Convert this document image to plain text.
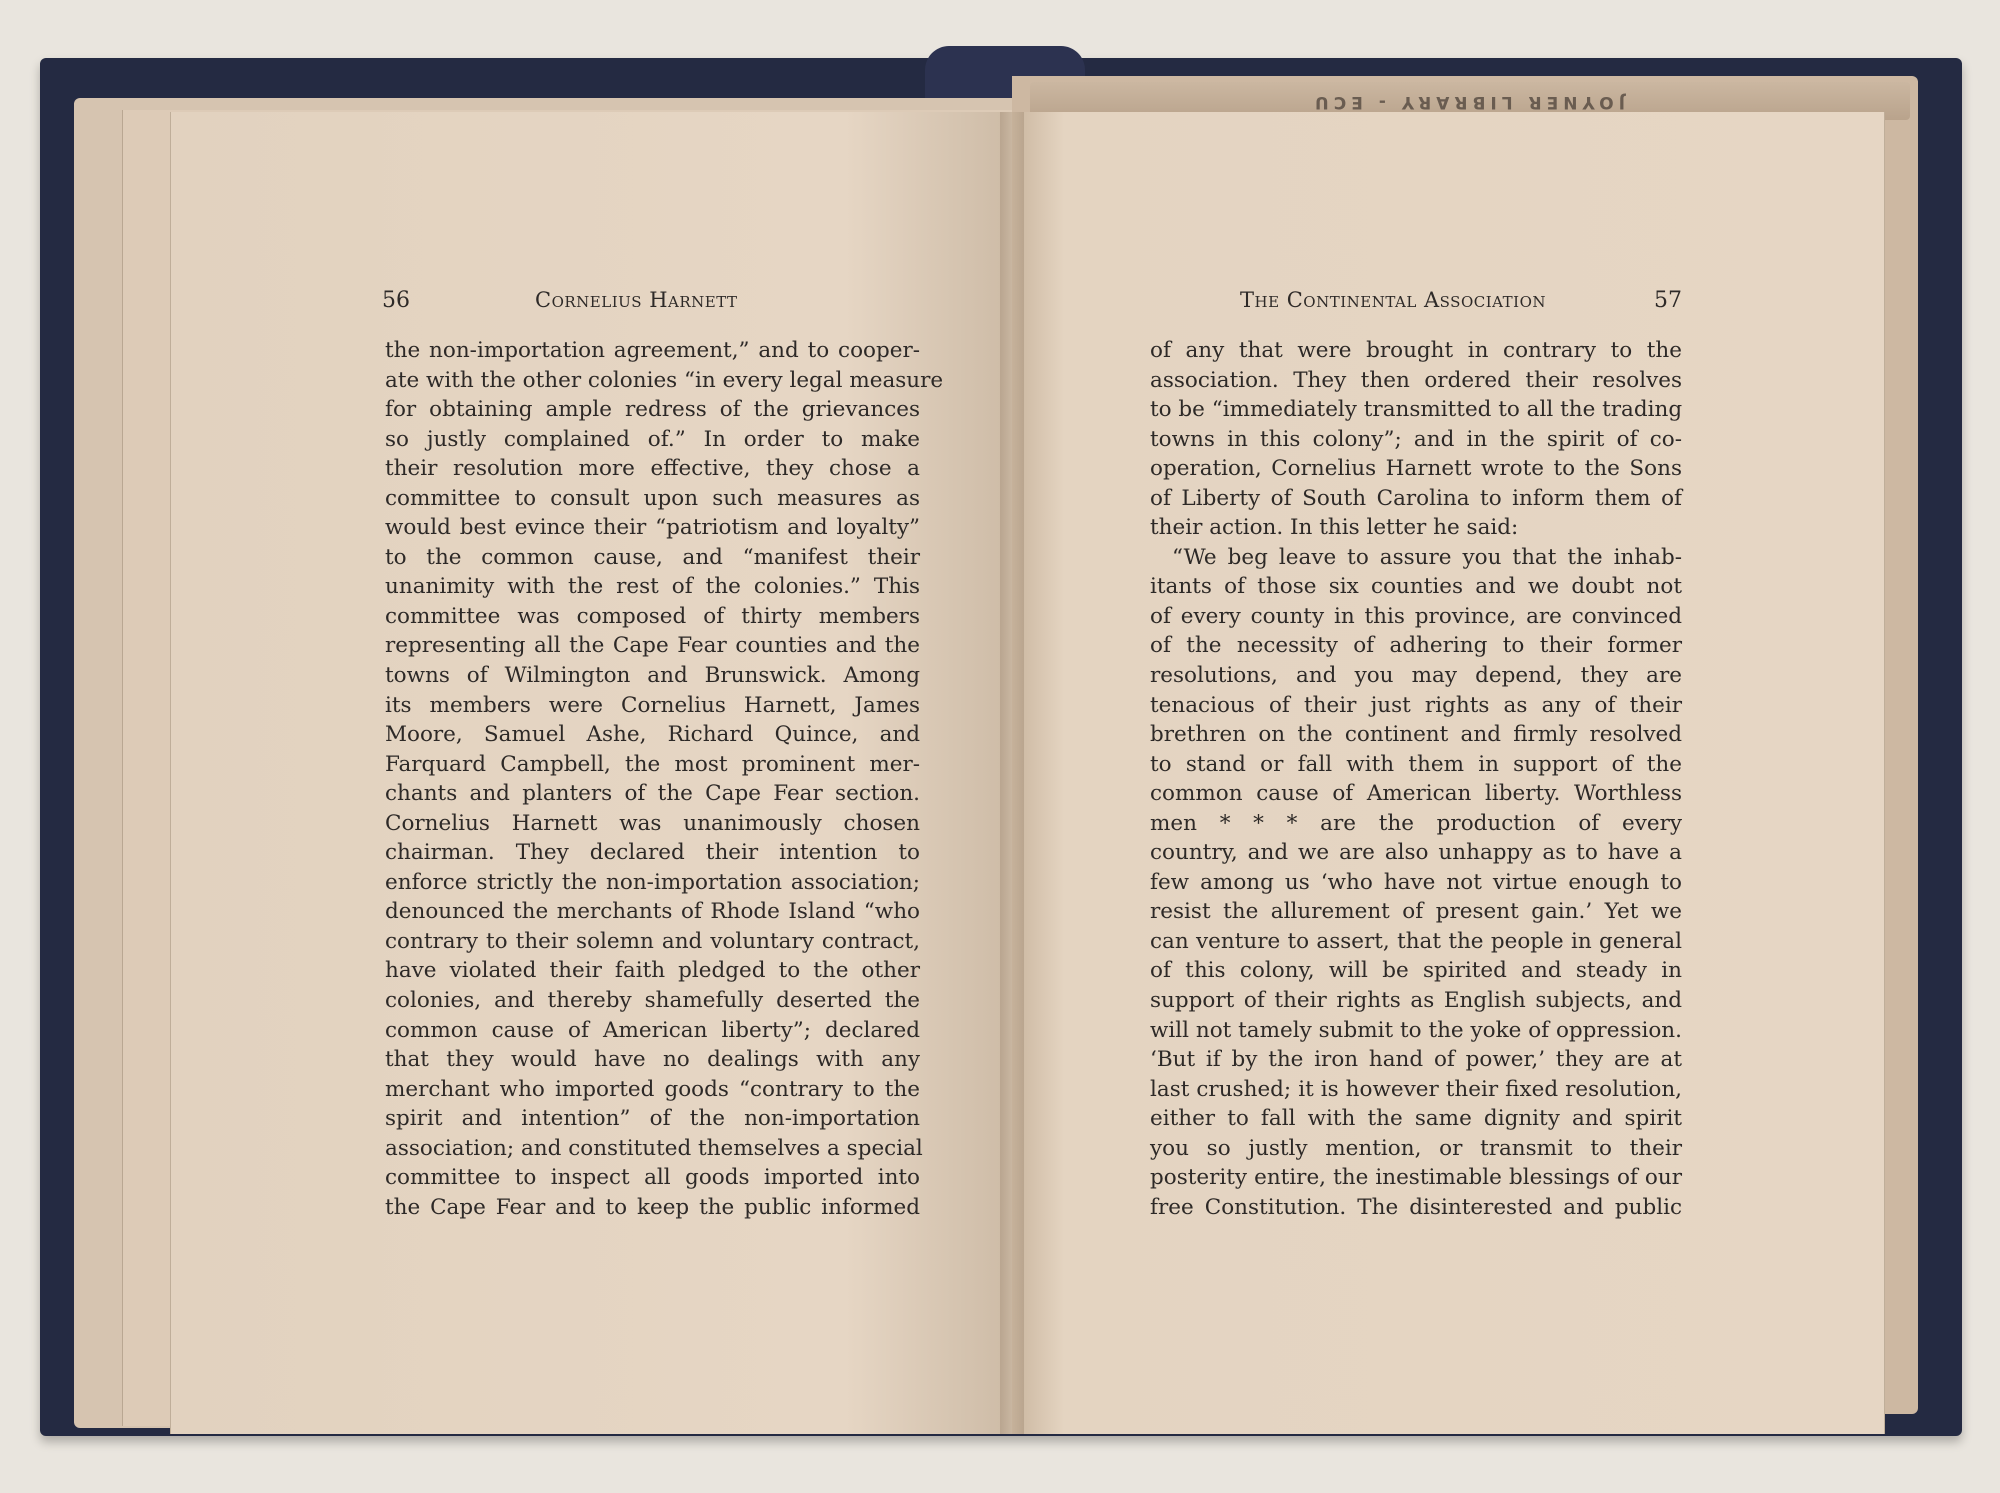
JOYNER LIBRARY - ECU
56	Cornelius Harnett	The Continental Association	57
the non-importation agreement,” and to cooper-
ate with the other colonies “in every legal measure
for obtaining ample redress of the grievances
so justly complained of.” In order to make
their resolution more effective, they chose a
committee to consult upon such measures as
would best evince their “patriotism and loyalty”
to the common cause, and “manifest their
unanimity with the rest of the colonies.” This
committee was composed of thirty members
representing all the Cape Fear counties and the
towns of Wilmington and Brunswick. Among
its members were Cornelius Harnett, James
Moore, Samuel Ashe, Richard Quince, and
Farquard Campbell, the most prominent mer-
chants and planters of the Cape Fear section.
Cornelius Harnett was unanimously chosen
chairman. They declared their intention to
enforce strictly the non-importation association;
denounced the merchants of Rhode Island “who
contrary to their solemn and voluntary contract,
have violated their faith pledged to the other
colonies, and thereby shamefully deserted the
common cause of American liberty”; declared
that they would have no dealings with any
merchant who imported goods “contrary to the
spirit and intention” of the non-importation
association; and constituted themselves a special
committee to inspect all goods imported into
the Cape Fear and to keep the public informed
of any that were brought in contrary to the
association. They then ordered their resolves
to be “immediately transmitted to all the trading
towns in this colony”; and in the spirit of co-
operation, Cornelius Harnett wrote to the Sons
of Liberty of South Carolina to inform them of
their action. In this letter he said:
“We beg leave to assure you that the inhab-
itants of those six counties and we doubt not
of every county in this province, are convinced
of the necessity of adhering to their former
resolutions, and you may depend, they are
tenacious of their just rights as any of their
brethren on the continent and firmly resolved
to stand or fall with them in support of the
common cause of American liberty. Worthless
men * * * are the production of every
country, and we are also unhappy as to have a
few among us ‘who have not virtue enough to
resist the allurement of present gain.’ Yet we
can venture to assert, that the people in general
of this colony, will be spirited and steady in
support of their rights as English subjects, and
will not tamely submit to the yoke of oppression.
‘But if by the iron hand of power,’ they are at
last crushed; it is however their fixed resolution,
either to fall with the same dignity and spirit
you so justly mention, or transmit to their
posterity entire, the inestimable blessings of our
free Constitution. The disinterested and public
